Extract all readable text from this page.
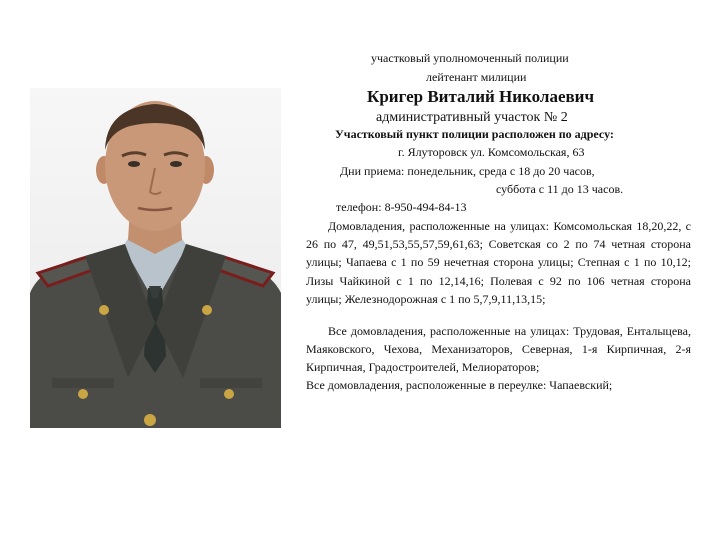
участковый уполномоченный полиции
лейтенант милиции
Кригер Виталий Николаевич
административный участок № 2
Участковый пункт полиции расположен по адресу:
г. Ялуторовск ул. Комсомольская, 63
Дни приема: понедельник, среда с 18 до 20 часов,
суббота с 11 до 13 часов.
телефон: 8-950-494-84-13
Домовладения, расположенные на улицах: Комсомольская 18,20,22, с 26 по 47, 49,51,53,55,57,59,61,63; Советская со 2 по 74 четная сторона улицы; Чапаева с 1 по 59 нечетная сторона улицы; Степная с 1 по 10,12; Лизы Чайкиной с 1 по 12,14,16; Полевая с 92 по 106 четная сторона улицы; Железнодорожная с 1 по 5,7,9,11,13,15;
Все домовладения, расположенные на улицах: Трудовая, Енталыцева, Маяковского, Чехова, Механизаторов, Северная, 1-я Кирпичная, 2-я Кирпичная, Градостроителей, Мелиораторов;
Все домовладения, расположенные в переулке: Чапаевский;
